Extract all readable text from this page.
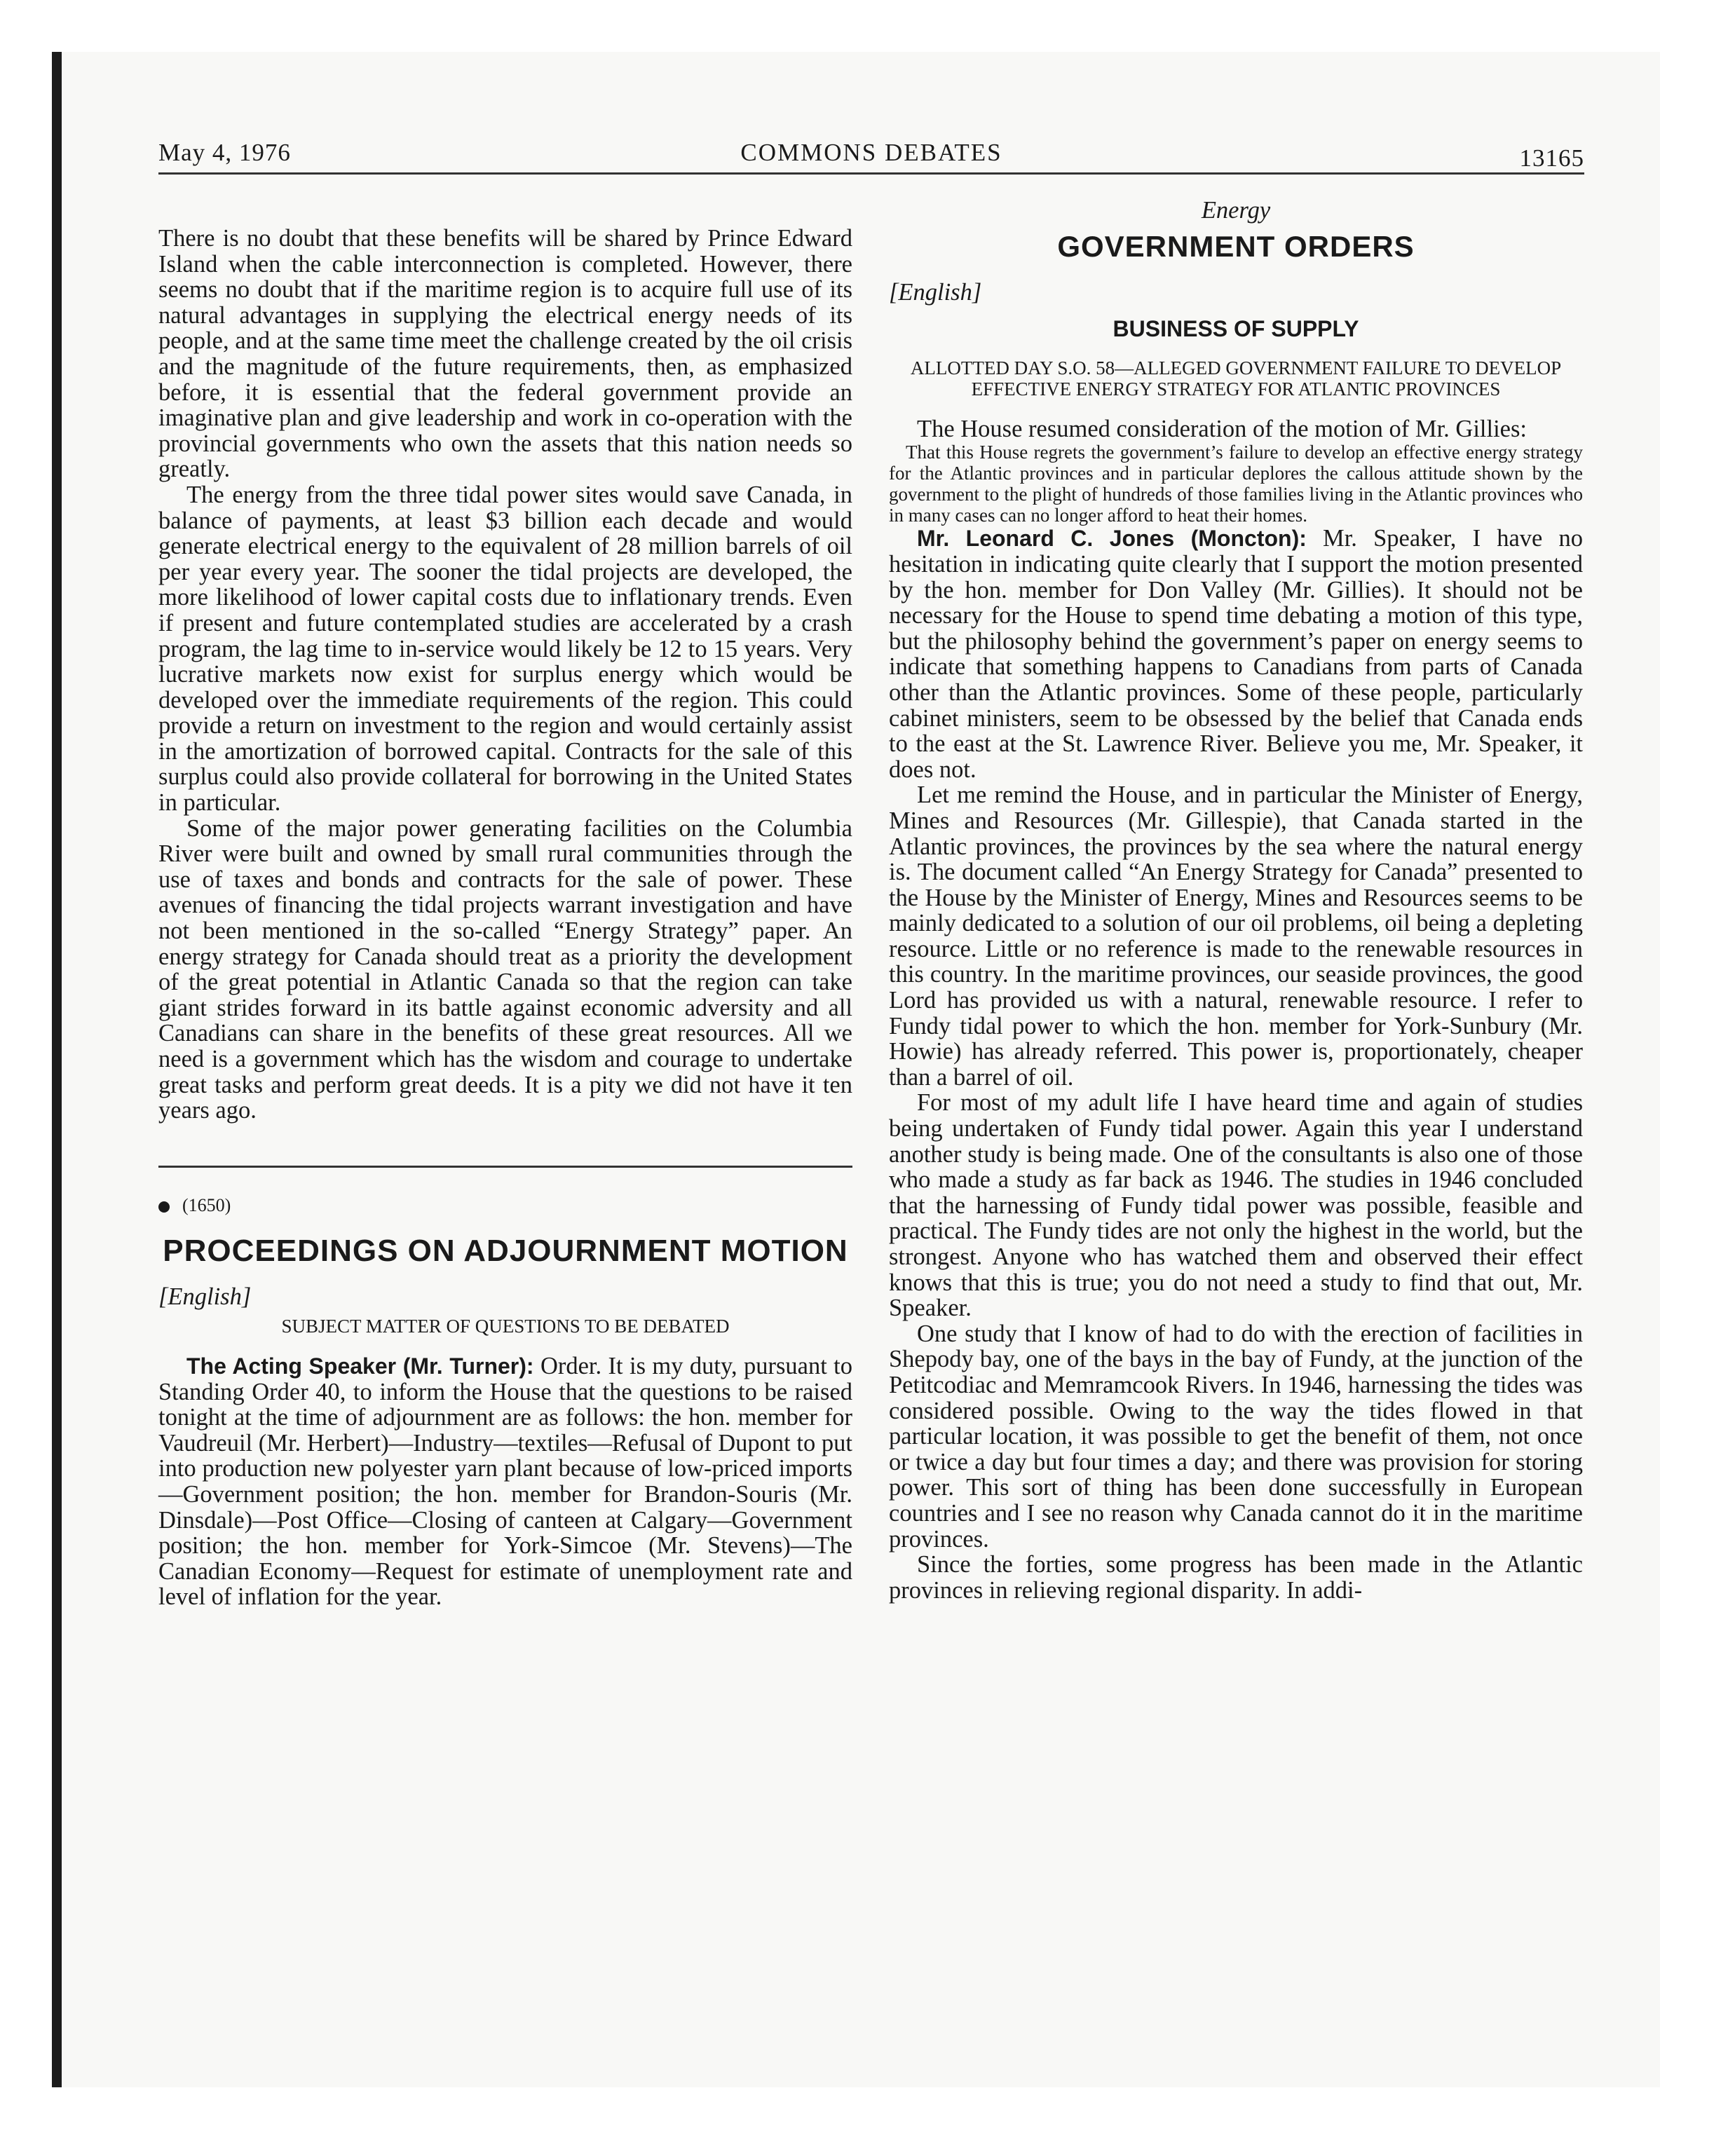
May 4, 1976	COMMONS DEBATES	13165

There is no doubt that these benefits will be shared by Prince Edward Island when the cable interconnection is completed. However, there seems no doubt that if the maritime region is to acquire full use of its natural advantages in supplying the electrical energy needs of its people, and at the same time meet the challenge created by the oil crisis and the magnitude of the future requirements, then, as emphasized before, it is essential that the federal government provide an imaginative plan and give leadership and work in co-operation with the provincial governments who own the assets that this nation needs so greatly.

The energy from the three tidal power sites would save Canada, in balance of payments, at least $3 billion each decade and would generate electrical energy to the equivalent of 28 million barrels of oil per year every year. The sooner the tidal projects are developed, the more likelihood of lower capital costs due to inflationary trends. Even if present and future contemplated studies are accelerated by a crash program, the lag time to in-service would likely be 12 to 15 years. Very lucrative markets now exist for surplus energy which would be developed over the immediate requirements of the region. This could provide a return on investment to the region and would certainly assist in the amortization of borrowed capital. Contracts for the sale of this surplus could also provide collateral for borrowing in the United States in particular.

Some of the major power generating facilities on the Columbia River were built and owned by small rural communities through the use of taxes and bonds and contracts for the sale of power. These avenues of financing the tidal projects warrant investigation and have not been mentioned in the so-called “Energy Strategy” paper. An energy strategy for Canada should treat as a priority the development of the great potential in Atlantic Canada so that the region can take giant strides forward in its battle against economic adversity and all Canadians can share in the benefits of these great resources. All we need is a government which has the wisdom and courage to undertake great tasks and perform great deeds. It is a pity we did not have it ten years ago.

(1650)
PROCEEDINGS ON ADJOURNMENT MOTION
[English]
SUBJECT MATTER OF QUESTIONS TO BE DEBATED

The Acting Speaker (Mr. Turner): Order. It is my duty, pursuant to Standing Order 40, to inform the House that the questions to be raised tonight at the time of adjournment are as follows: the hon. member for Vaudreuil (Mr. Herbert)—Industry—textiles—Refusal of Dupont to put into production new polyester yarn plant because of low-priced imports—Government position; the hon. member for Brandon-Souris (Mr. Dinsdale)—Post Office—Closing of canteen at Calgary—Government position; the hon. member for York-Simcoe (Mr. Stevens)—The Canadian Economy—Request for estimate of unemployment rate and level of inflation for the year.

Energy
GOVERNMENT ORDERS
[English]
BUSINESS OF SUPPLY
ALLOTTED DAY S.O. 58—ALLEGED GOVERNMENT FAILURE TO DEVELOP EFFECTIVE ENERGY STRATEGY FOR ATLANTIC PROVINCES

The House resumed consideration of the motion of Mr. Gillies:

That this House regrets the government’s failure to develop an effective energy strategy for the Atlantic provinces and in particular deplores the callous attitude shown by the government to the plight of hundreds of those families living in the Atlantic provinces who in many cases can no longer afford to heat their homes.

Mr. Leonard C. Jones (Moncton): Mr. Speaker, I have no hesitation in indicating quite clearly that I support the motion presented by the hon. member for Don Valley (Mr. Gillies). It should not be necessary for the House to spend time debating a motion of this type, but the philosophy behind the government’s paper on energy seems to indicate that something happens to Canadians from parts of Canada other than the Atlantic provinces. Some of these people, particularly cabinet ministers, seem to be obsessed by the belief that Canada ends to the east at the St. Lawrence River. Believe you me, Mr. Speaker, it does not.

Let me remind the House, and in particular the Minister of Energy, Mines and Resources (Mr. Gillespie), that Canada started in the Atlantic provinces, the provinces by the sea where the natural energy is. The document called “An Energy Strategy for Canada” presented to the House by the Minister of Energy, Mines and Resources seems to be mainly dedicated to a solution of our oil problems, oil being a depleting resource. Little or no reference is made to the renewable resources in this country. In the maritime provinces, our seaside provinces, the good Lord has provided us with a natural, renewable resource. I refer to Fundy tidal power to which the hon. member for York-Sunbury (Mr. Howie) has already referred. This power is, proportionately, cheaper than a barrel of oil.

For most of my adult life I have heard time and again of studies being undertaken of Fundy tidal power. Again this year I understand another study is being made. One of the consultants is also one of those who made a study as far back as 1946. The studies in 1946 concluded that the harnessing of Fundy tidal power was possible, feasible and practical. The Fundy tides are not only the highest in the world, but the strongest. Anyone who has watched them and observed their effect knows that this is true; you do not need a study to find that out, Mr. Speaker.

One study that I know of had to do with the erection of facilities in Shepody bay, one of the bays in the bay of Fundy, at the junction of the Petitcodiac and Memramcook Rivers. In 1946, harnessing the tides was considered possible. Owing to the way the tides flowed in that particular location, it was possible to get the benefit of them, not once or twice a day but four times a day; and there was provision for storing power. This sort of thing has been done successfully in European countries and I see no reason why Canada cannot do it in the maritime provinces.

Since the forties, some progress has been made in the Atlantic provinces in relieving regional disparity. In addi-
